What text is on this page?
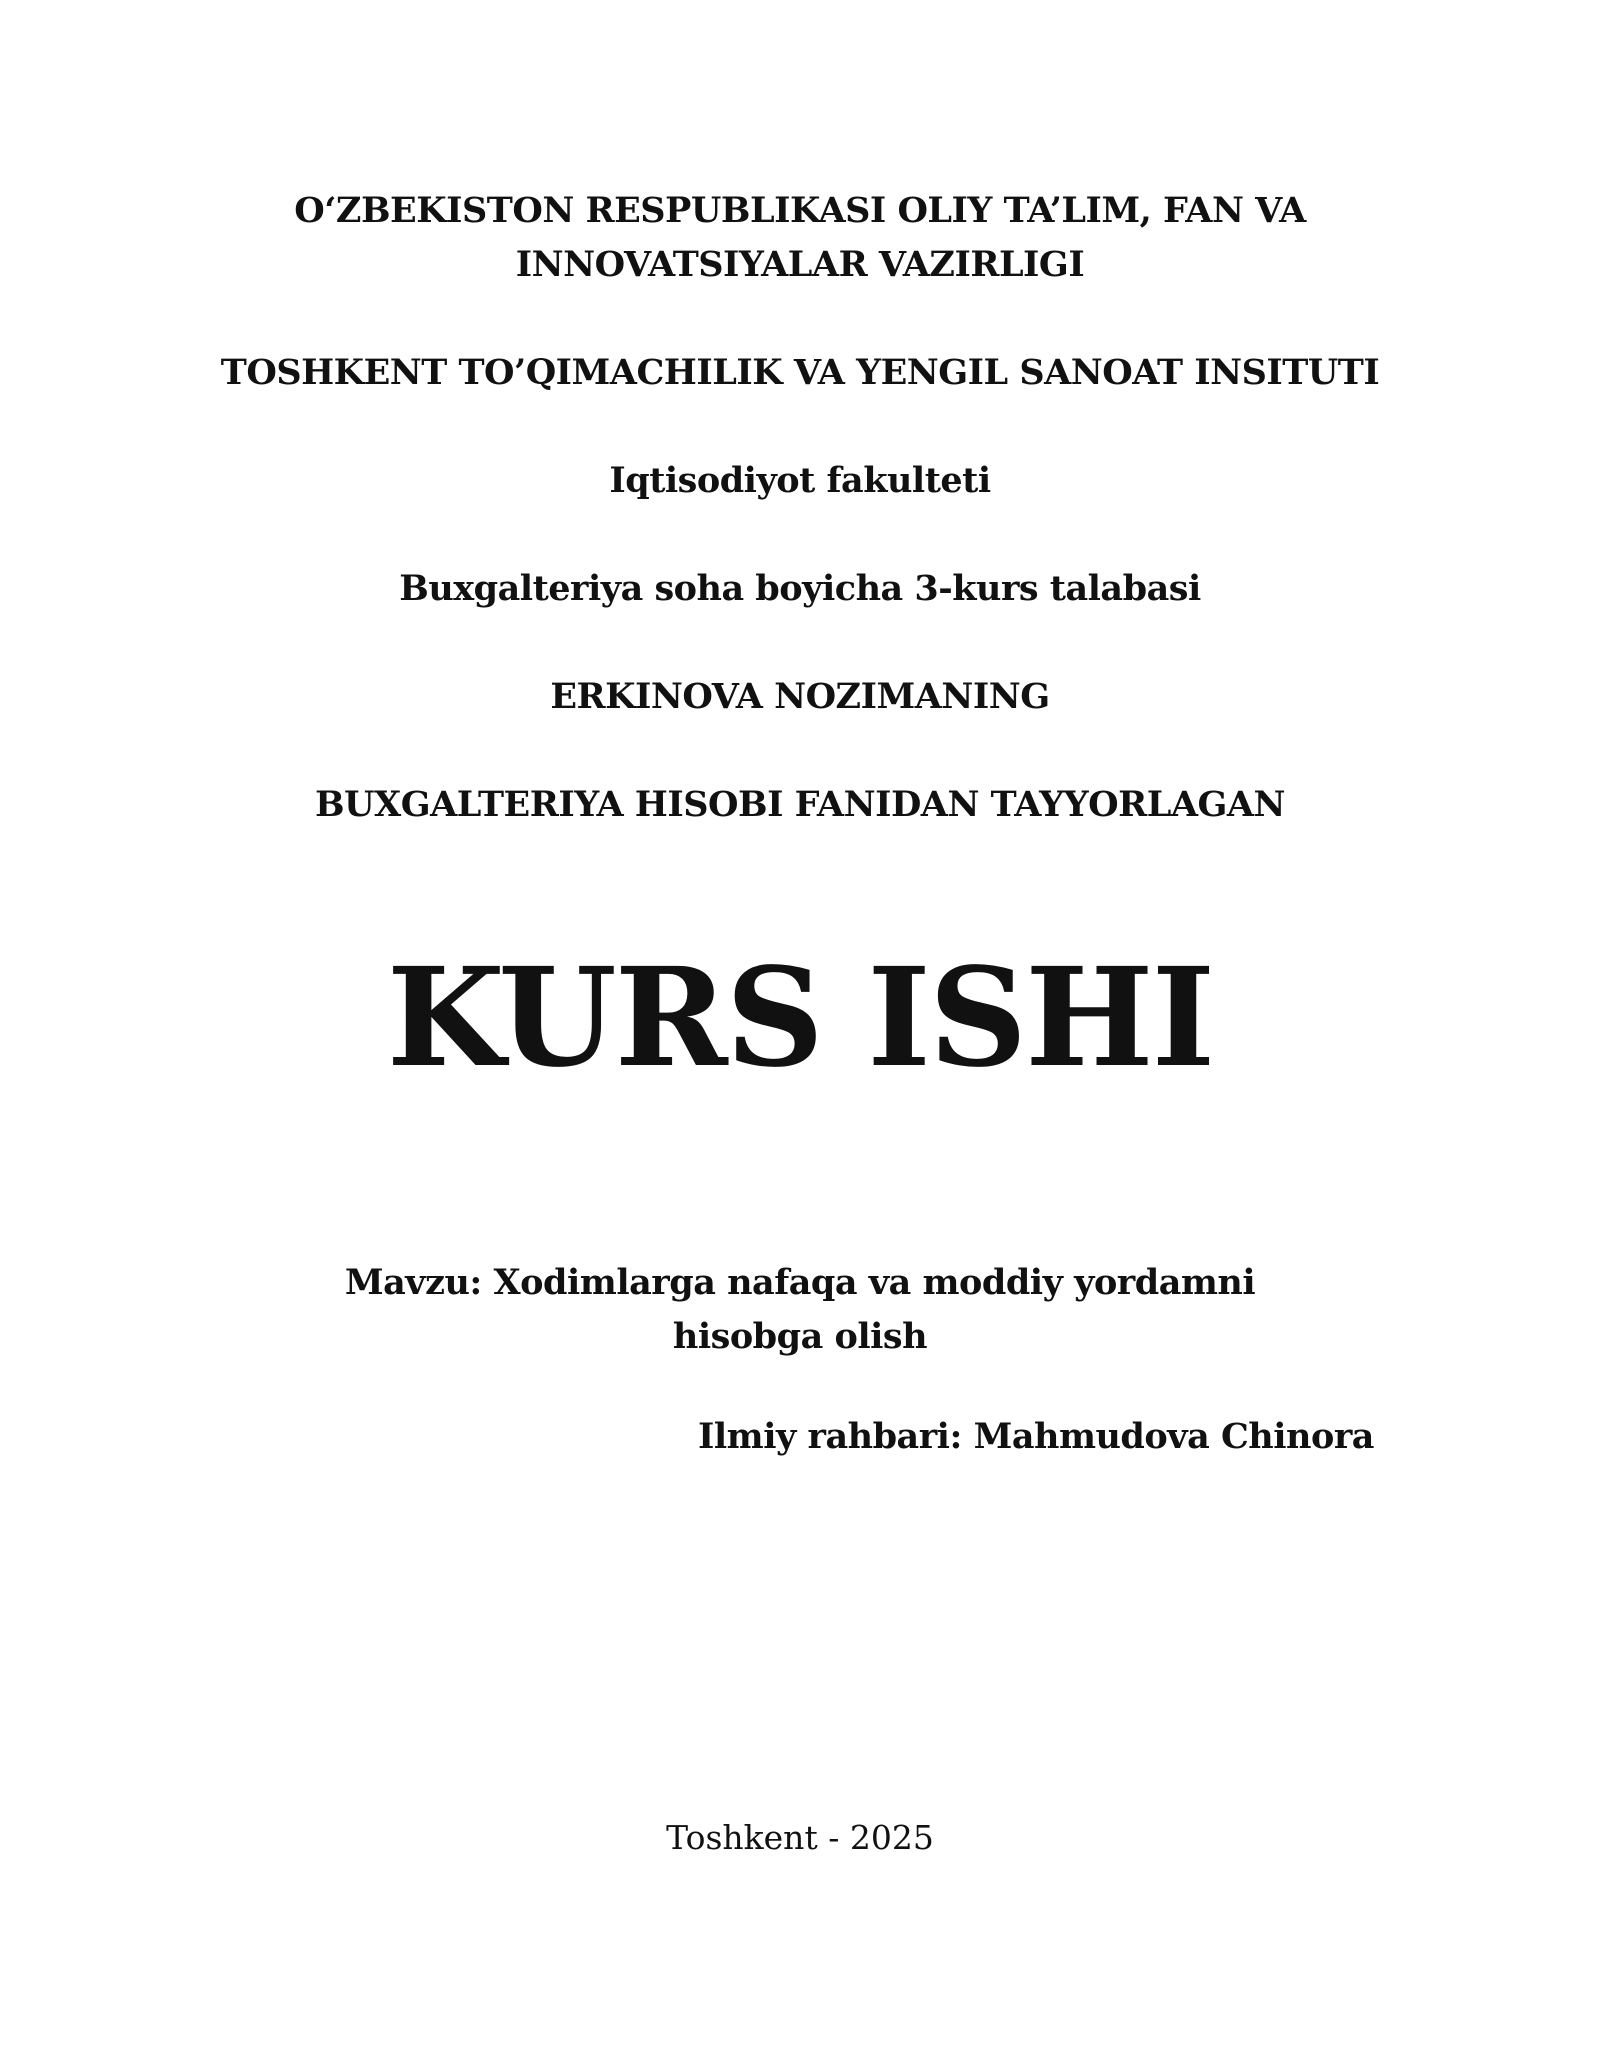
O‘ZBEKISTON RESPUBLIKASI OLIY TA’LIM, FAN VA
INNOVATSIYALAR VAZIRLIGI
TOSHKENT TO’QIMACHILIK VA YENGIL SANOAT INSITUTI
Iqtisodiyot fakulteti
Buxgalteriya soha boyicha 3-kurs talabasi
ERKINOVA NOZIMANING
BUXGALTERIYA HISOBI FANIDAN TAYYORLAGAN
KURS ISHI
Mavzu: Xodimlarga nafaqa va moddiy yordamni hisobga olish
Ilmiy rahbari: Mahmudova Chinora
Toshkent - 2025
